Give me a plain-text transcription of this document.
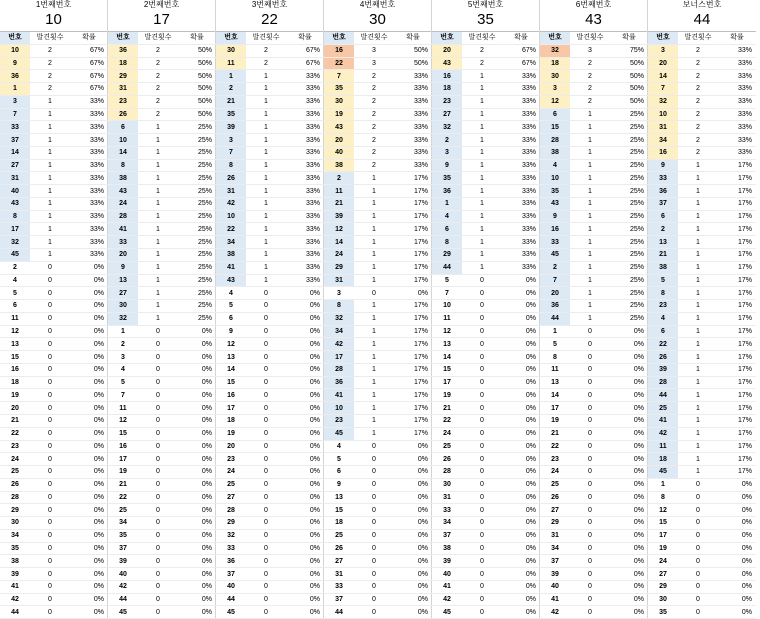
1번째번호
10
번호	발견횟수	확률
10	2	67%
9	2	67%
36	2	67%
1	2	67%
3	1	33%
7	1	33%
33	1	33%
37	1	33%
14	1	33%
27	1	33%
31	1	33%
40	1	33%
43	1	33%
8	1	33%
17	1	33%
32	1	33%
45	1	33%
2	0	0%
4	0	0%
5	0	0%
6	0	0%
11	0	0%
12	0	0%
13	0	0%
15	0	0%
16	0	0%
18	0	0%
19	0	0%
20	0	0%
21	0	0%
22	0	0%
23	0	0%
24	0	0%
25	0	0%
26	0	0%
28	0	0%
29	0	0%
30	0	0%
34	0	0%
35	0	0%
38	0	0%
39	0	0%
41	0	0%
42	0	0%
44	0	0%
2번째번호
17
번호	발견횟수	확률
36	2	50%
18	2	50%
29	2	50%
31	2	50%
23	2	50%
26	2	50%
6	1	25%
10	1	25%
14	1	25%
8	1	25%
38	1	25%
43	1	25%
24	1	25%
28	1	25%
41	1	25%
33	1	25%
20	1	25%
9	1	25%
13	1	25%
27	1	25%
30	1	25%
32	1	25%
1	0	0%
2	0	0%
3	0	0%
4	0	0%
5	0	0%
7	0	0%
11	0	0%
12	0	0%
15	0	0%
16	0	0%
17	0	0%
19	0	0%
21	0	0%
22	0	0%
25	0	0%
34	0	0%
35	0	0%
37	0	0%
39	0	0%
40	0	0%
42	0	0%
44	0	0%
45	0	0%
3번째번호
22
번호	발견횟수	확률
30	2	67%
11	2	67%
1	1	33%
2	1	33%
21	1	33%
35	1	33%
39	1	33%
3	1	33%
7	1	33%
8	1	33%
26	1	33%
31	1	33%
42	1	33%
10	1	33%
22	1	33%
34	1	33%
38	1	33%
41	1	33%
43	1	33%
4	0	0%
5	0	0%
6	0	0%
9	0	0%
12	0	0%
13	0	0%
14	0	0%
15	0	0%
16	0	0%
17	0	0%
18	0	0%
19	0	0%
20	0	0%
23	0	0%
24	0	0%
25	0	0%
27	0	0%
28	0	0%
29	0	0%
32	0	0%
33	0	0%
36	0	0%
37	0	0%
40	0	0%
44	0	0%
45	0	0%
4번째번호
30
번호	발견횟수	확률
16	3	50%
22	3	50%
7	2	33%
35	2	33%
30	2	33%
19	2	33%
43	2	33%
20	2	33%
40	2	33%
38	2	33%
2	1	17%
11	1	17%
21	1	17%
39	1	17%
12	1	17%
14	1	17%
24	1	17%
29	1	17%
31	1	17%
3	0	0%
8	1	17%
32	1	17%
34	1	17%
42	1	17%
17	1	17%
28	1	17%
36	1	17%
41	1	17%
10	1	17%
23	1	17%
45	1	17%
4	0	0%
5	0	0%
6	0	0%
9	0	0%
13	0	0%
15	0	0%
18	0	0%
25	0	0%
26	0	0%
27	0	0%
31	0	0%
33	0	0%
37	0	0%
44	0	0%
5번째번호
35
번호	발견횟수	확률
20	2	67%
43	2	67%
16	1	33%
18	1	33%
23	1	33%
27	1	33%
32	1	33%
2	1	33%
3	1	33%
9	1	33%
35	1	33%
36	1	33%
1	1	33%
4	1	33%
6	1	33%
8	1	33%
29	1	33%
44	1	33%
5	0	0%
7	0	0%
10	0	0%
11	0	0%
12	0	0%
13	0	0%
14	0	0%
15	0	0%
17	0	0%
19	0	0%
21	0	0%
22	0	0%
24	0	0%
25	0	0%
26	0	0%
28	0	0%
30	0	0%
31	0	0%
33	0	0%
34	0	0%
37	0	0%
38	0	0%
39	0	0%
40	0	0%
41	0	0%
42	0	0%
45	0	0%
6번째번호
43
번호	발견횟수	확률
32	3	75%
18	2	50%
30	2	50%
3	2	50%
12	2	50%
6	1	25%
15	1	25%
28	1	25%
38	1	25%
4	1	25%
10	1	25%
35	1	25%
43	1	25%
9	1	25%
16	1	25%
33	1	25%
45	1	25%
2	1	25%
7	1	25%
20	1	25%
36	1	25%
44	1	25%
1	0	0%
5	0	0%
8	0	0%
11	0	0%
13	0	0%
14	0	0%
17	0	0%
19	0	0%
21	0	0%
22	0	0%
23	0	0%
24	0	0%
25	0	0%
26	0	0%
27	0	0%
29	0	0%
31	0	0%
34	0	0%
37	0	0%
39	0	0%
40	0	0%
41	0	0%
42	0	0%
보너스번호
44
번호	발견횟수	확률
3	2	33%
20	2	33%
14	2	33%
7	2	33%
32	2	33%
10	2	33%
31	2	33%
34	2	33%
16	2	33%
9	1	17%
33	1	17%
36	1	17%
37	1	17%
6	1	17%
2	1	17%
13	1	17%
21	1	17%
38	1	17%
5	1	17%
8	1	17%
23	1	17%
4	1	17%
6	1	17%
22	1	17%
26	1	17%
39	1	17%
28	1	17%
44	1	17%
25	1	17%
41	1	17%
42	1	17%
11	1	17%
18	1	17%
45	1	17%
1	0	0%
8	0	0%
12	0	0%
15	0	0%
17	0	0%
19	0	0%
24	0	0%
27	0	0%
29	0	0%
30	0	0%
35	0	0%
